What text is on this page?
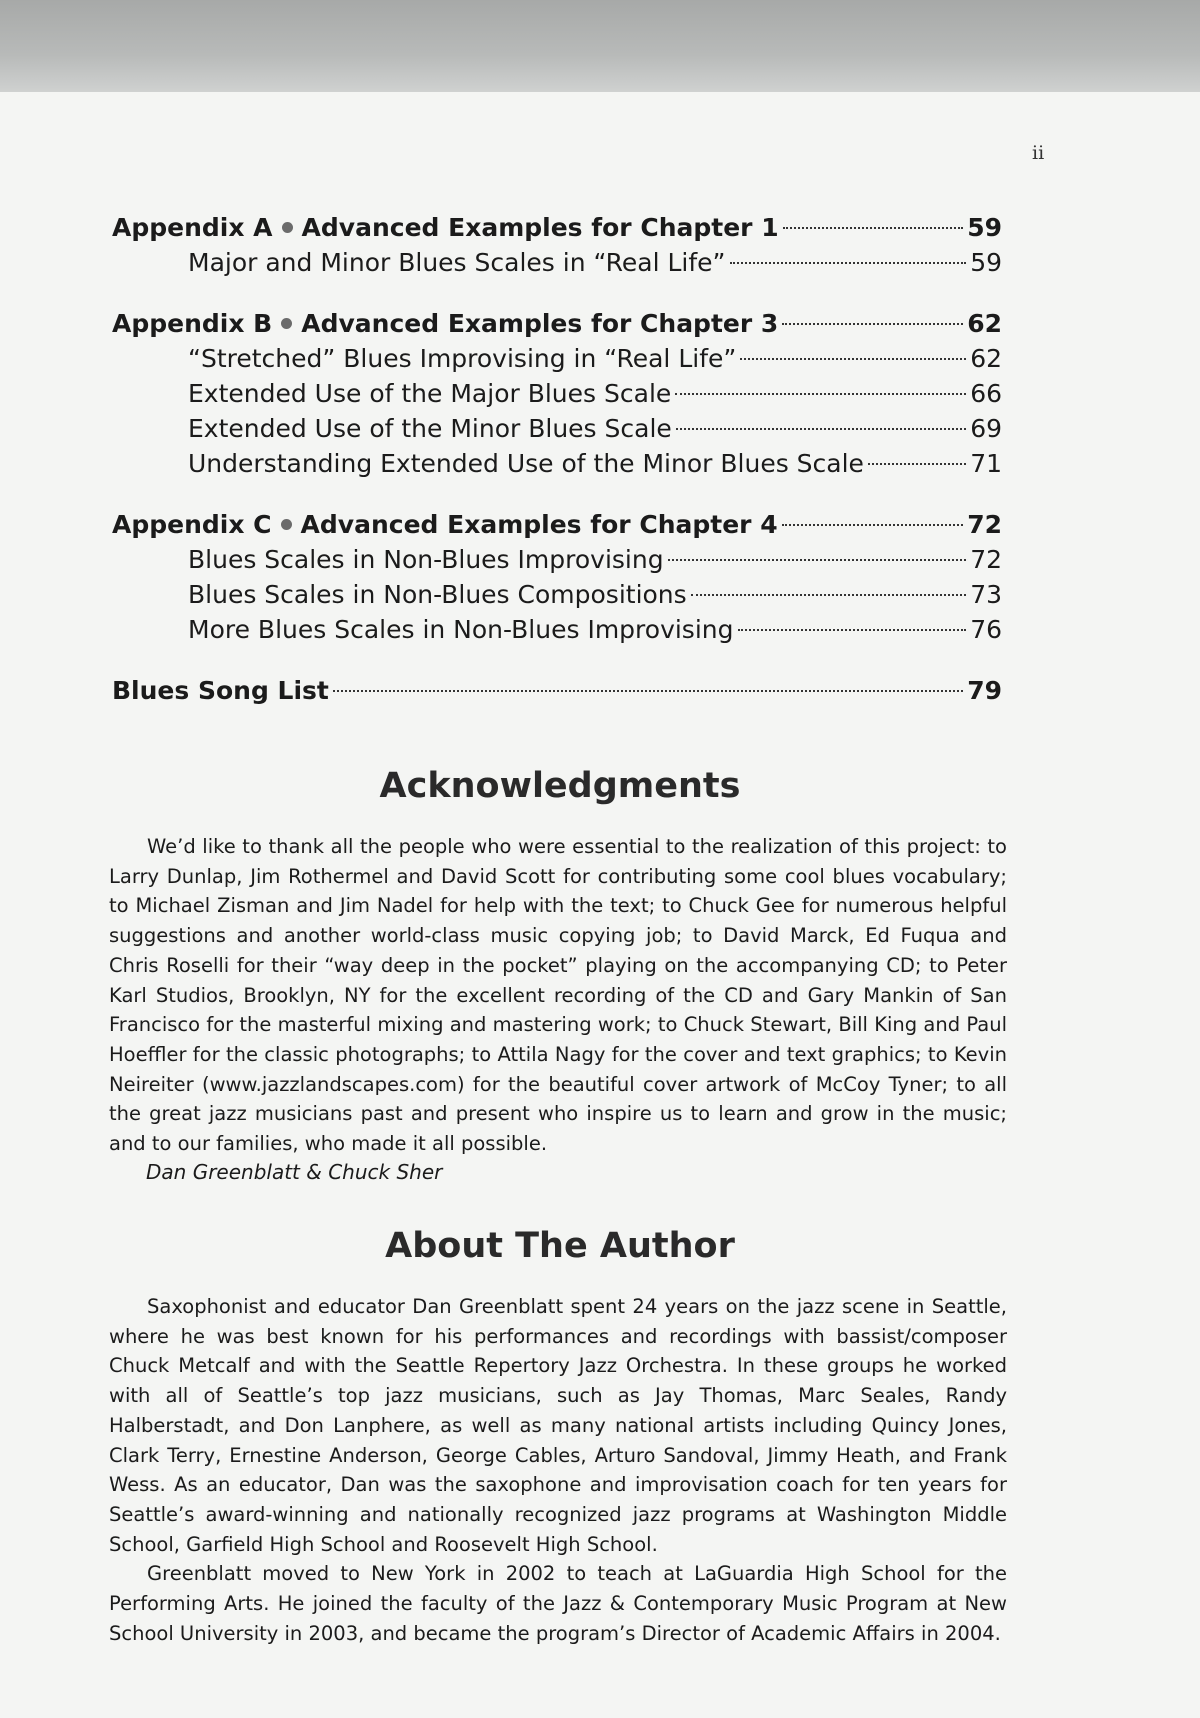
ii
Appendix A Advanced Examples for Chapter 1	59
Major and Minor Blues Scales in “Real Life”	59
Appendix B Advanced Examples for Chapter 3	62
“Stretched” Blues Improvising in “Real Life”	62
Extended Use of the Major Blues Scale	66
Extended Use of the Minor Blues Scale	69
Understanding Extended Use of the Minor Blues Scale	71
Appendix C Advanced Examples for Chapter 4	72
Blues Scales in Non-Blues Improvising	72
Blues Scales in Non-Blues Compositions	73
More Blues Scales in Non-Blues Improvising	76
Blues Song List	79
Acknowledgments

We’d like to thank all the people who were essential to the realization of this project: to Larry Dunlap, Jim Rothermel and David Scott for contributing some cool blues vocabulary; to Michael Zisman and Jim Nadel for help with the text; to Chuck Gee for numerous helpful suggestions and another world-class music copying job; to David Marck, Ed Fuqua and Chris Roselli for their “way deep in the pocket” playing on the accompanying CD; to Peter Karl Studios, Brooklyn, NY for the excellent recording of the CD and Gary Mankin of San Francisco for the masterful mixing and mastering work; to Chuck Stewart, Bill King and Paul Hoeffler for the classic photographs; to Attila Nagy for the cover and text graphics; to Kevin Neireiter (www.jazzlandscapes.com) for the beautiful cover artwork of McCoy Tyner; to all the great jazz musicians past and present who inspire us to learn and grow in the music; and to our families, who made it all possible.

Dan Greenblatt & Chuck Sher
About The Author

Saxophonist and educator Dan Greenblatt spent 24 years on the jazz scene in Seattle, where he was best known for his performances and recordings with bassist/composer Chuck Metcalf and with the Seattle Repertory Jazz Orchestra. In these groups he worked with all of Seattle’s top jazz musicians, such as Jay Thomas, Marc Seales, Randy Halberstadt, and Don Lanphere, as well as many national artists including Quincy Jones, Clark Terry, Ernestine Anderson, George Cables, Arturo Sandoval, Jimmy Heath, and Frank Wess. As an educator, Dan was the saxophone and improvisation coach for ten years for Seattle’s award-winning and nationally recognized jazz programs at Washington Middle School, Garfield High School and Roosevelt High School.

Greenblatt moved to New York in 2002 to teach at LaGuardia High School for the Performing Arts. He joined the faculty of the Jazz & Contemporary Music Program at New School University in 2003, and became the program’s Director of Academic Affairs in 2004.
